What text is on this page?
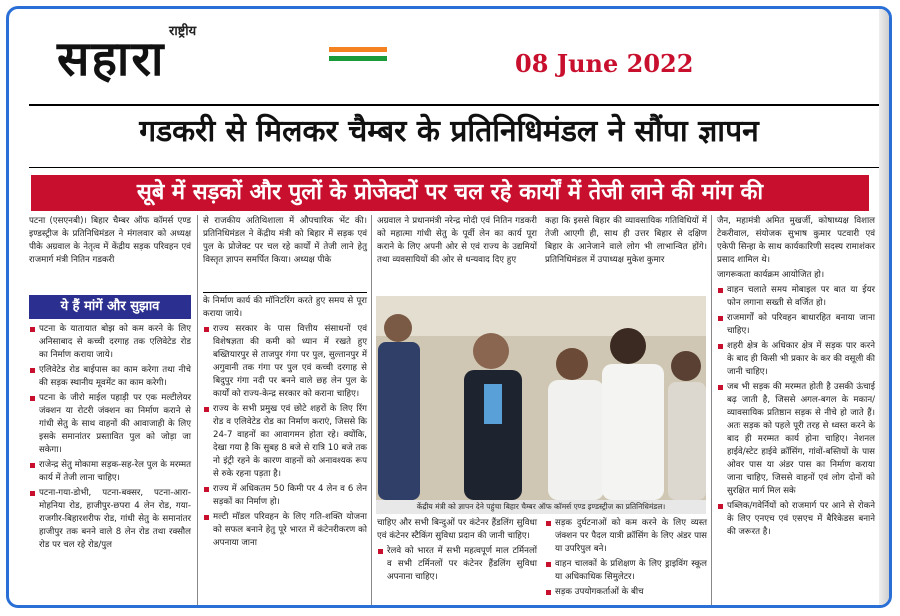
राष्ट्रीय
सहारा	08 June 2022
गडकरी से मिलकर चैम्बर के प्रतिनिधिमंडल ने सौंपा ज्ञापन
सूबे में सड़कों और पुलों के प्रोजेक्टों पर चल रहे कार्यों में तेजी लाने की मांग की

पटना (एसएनबी)। बिहार चैम्बर ऑफ कॉमर्स एण्ड इण्डस्ट्रीज के प्रतिनिधिमंडल ने मंगलवार को अध्यक्ष पीके अग्रवाल के नेतृत्व में केंद्रीय सड़क परिवहन एवं राजमार्ग मंत्री नितिन गडकरी

ये हैं मांगें और सुझाव
पटना के यातायात बोझ को कम करने के लिए अनिसाबाद से कच्ची दरगाह तक एलिवेटेड रोड का निर्माण कराया जाये।
एलिवेटेड रोड बाईपास का काम करेगा तथा नीचे की सड़क स्थानीय मूवमेंट का काम करेगी।
पटना के जीरो माईल पहाड़ी पर एक मल्टीलेयर जंक्शन या रोटरी जंक्शन का निर्माण कराने से गांधी सेतु के साथ वाहनों की आवाजाही के लिए इसके समानांतर प्रस्तावित पुल को जोड़ा जा सकेगा।
राजेन्द्र सेतु मोकामा सड़क-सह-रेल पुल के मरम्मत कार्य में तेजी लाना चाहिए।
पटना-गया-डोभी, पटना-बक्सर, पटना-आरा-मोहनिया रोड, हाजीपुर-छपरा 4 लेन रोड, गया-राजगीर-बिहारशरीफ रोड, गांधी सेतु के समानांतर हाजीपुर तक बनने वाले 8 लेन रोड तथा रक्सौल रोड पर चल रहे रोड/पुल

से राजकीय अतिथिशाला में औपचारिक भेंट की। प्रतिनिधिमंडल ने केंद्रीय मंत्री को बिहार में सड़क एवं पुल के प्रोजेक्ट पर चल रहे कार्यों में तेजी लाने हेतु विस्तृत ज्ञापन समर्पित किया। अध्यक्ष पीके

के निर्माण कार्य की मॉनिटरिंग करते हुए समय से पूरा कराया जाये।

राज्य सरकार के पास वित्तीय संसाधनों एवं विशेषज्ञता की कमी को ध्यान में रखते हुए बख्तियारपुर से ताजपुर गंगा पर पुल, सुल्तानपुर में अगुवानी तक गंगा पर पुल एवं कच्ची दरगाह से बिदुपुर गंगा नदी पर बनने वाले छह लेन पुल के कार्यों को राज्य-केन्द्र सरकार को कराना चाहिए।
राज्य के सभी प्रमुख एवं छोटे शहरों के लिए रिंग रोड व एलिवेटेड रोड का निर्माण कराएं, जिससे कि 24-7 वाहनों का आवागमन होता रहे। क्योंकि, देखा गया है कि सुबह 8 बजे से रात्रि 10 बजे तक नो इंट्री रहने के कारण वाहनों को अनावश्यक रूप से रुके रहना पड़ता है।
राज्य में अधिकतम 50 किमी पर 4 लेन व 6 लेन सड़कों का निर्माण हो।
मल्टी मॉडल परिवहन के लिए गति-शक्ति योजना को सफल बनाने हेतु पूरे भारत में कंटेनरीकरण को अपनाया जाना

अग्रवाल ने प्रधानमंत्री नरेन्द्र मोदी एवं नितिन गडकरी को महात्मा गांधी सेतु के पूर्वी लेन का कार्य पूरा कराने के लिए अपनी ओर से एवं राज्य के उद्यमियों तथा व्यवसायियों की ओर से धन्यवाद दिए हुए

कहा कि इससे बिहार की व्यावसायिक गतिविधियों में तेजी आएगी ही, साथ ही उत्तर बिहार से दक्षिण बिहार के आनेजाने वाले लोग भी लाभान्वित होंगे। प्रतिनिधिमंडल में उपाध्यक्ष मुकेश कुमार

केंद्रीय मंत्री को ज्ञापन देने पहुंचा बिहार चैम्बर ऑफ कॉमर्स एण्ड इण्डस्ट्रीज का प्रतिनिधिमंडल।

चाहिए और सभी बिन्दुओं पर कंटेनर हैंडलिंग सुविधा एवं कंटेनर स्टैकिंग सुविधा प्रदान की जानी चाहिए।

रेलवे को भारत में सभी महत्वपूर्ण माल टर्मिनलों व सभी टर्मिनलों पर कंटेनर हैंडलिंग सुविधा अपनाना चाहिए।
सड़क दुर्घटनाओं को कम करने के लिए व्यस्त जंक्शन पर पैदल यात्री क्रॉसिंग के लिए अंडर पास या उपरिपुल बने।
वाहन चालकों के प्रशिक्षण के लिए ड्राइविंग स्कूल या अधिकाधिक सिमुलेटर।
सड़क उपयोगकर्ताओं के बीच

जैन, महामंत्री अमित मुखर्जी, कोषाध्यक्ष विशाल टेकरीवाल, संयोजक सुभाष कुमार पटवारी एवं एकेपी सिन्हा के साथ कार्यकारिणी सदस्य रामाशंकर प्रसाद शामिल थे।

जागरूकता कार्यक्रम आयोजित हो।

वाहन चलाते समय मोबाइल पर बात या ईयर फोन लगाना सख्ती से वर्जित हो।
राजमार्गों को परिवहन बाधारहित बनाया जाना चाहिए।
शहरी क्षेत्र के अधिकार क्षेत्र में सड़क पार करने के बाद ही किसी भी प्रकार के कर की वसूली की जानी चाहिए।
जब भी सड़क की मरम्मत होती है उसकी ऊंचाई बढ़ जाती है, जिससे अगल-बगल के मकान/ व्यावसायिक प्रतिष्ठान सड़क से नीचे हो जाते हैं। अतः सड़क को पहले पूरी तरह से ध्वस्त करने के बाद ही मरम्मत कार्य होना चाहिए। नेशनल हाईवे/स्टेट हाईवे क्रॉसिंग, गांवों-बस्तियों के पास ओवर पास या अंडर पास का निर्माण कराया जाना चाहिए, जिससे वाहनों एवं लोग दोनों को सुरक्षित मार्ग मिल सके
पब्लिक/गवेर्नियों को राजमार्ग पर आने से रोकने के लिए एनएच एवं एसएच में बैरिकेडस बनाने की जरूरत है।
